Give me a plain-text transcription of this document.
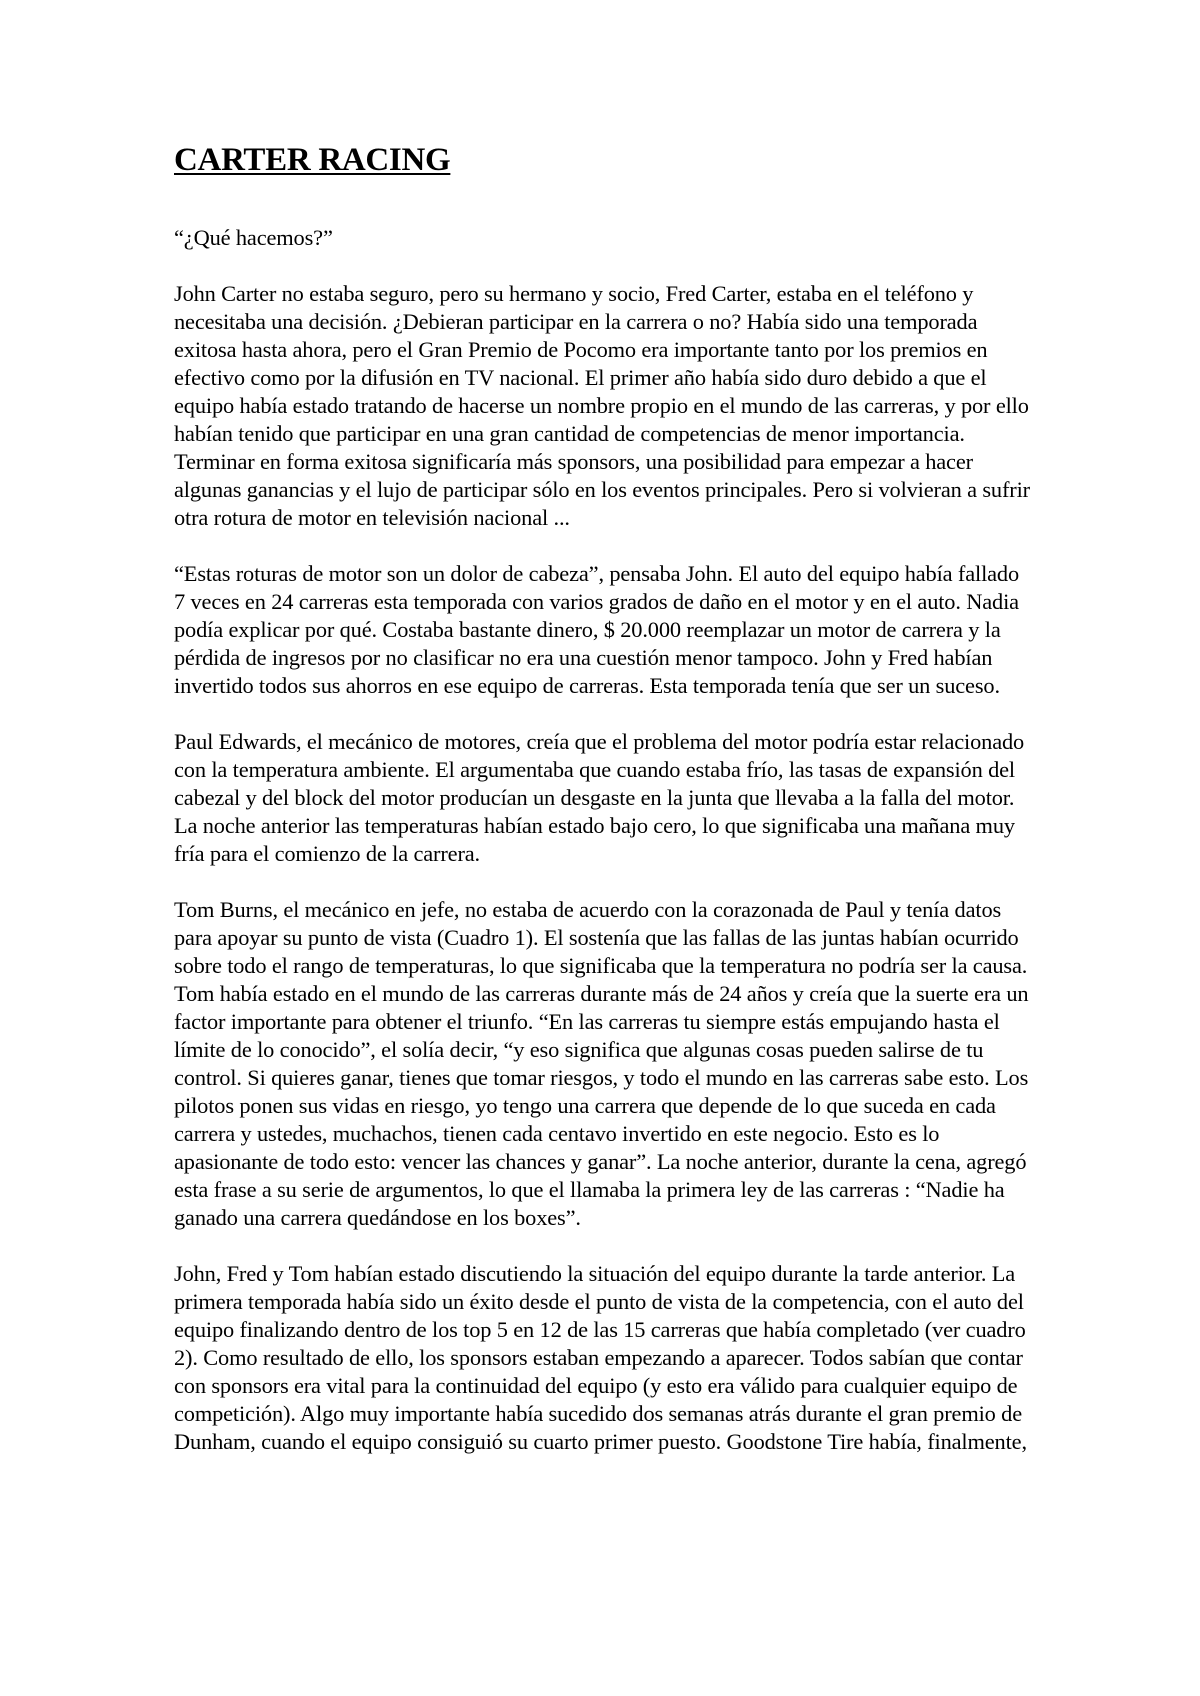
CARTER RACING

“¿Qué hacemos?”

John Carter no estaba seguro, pero su hermano y socio, Fred Carter, estaba en el teléfono y necesitaba una decisión. ¿Debieran participar en la carrera o no? Había sido una temporada exitosa hasta ahora, pero el Gran Premio de Pocomo era importante tanto por los premios en efectivo como por la difusión en TV nacional. El primer año había sido duro debido a que el equipo había estado tratando de hacerse un nombre propio en el mundo de las carreras, y por ello habían tenido que participar en una gran cantidad de competencias de menor importancia. Terminar en forma exitosa significaría más sponsors, una posibilidad para empezar a hacer algunas ganancias y el lujo de participar sólo en los eventos principales. Pero si volvieran a sufrir otra rotura de motor en televisión nacional ...

“Estas roturas de motor son un dolor de cabeza”, pensaba John. El auto del equipo había fallado 7 veces en 24 carreras esta temporada con varios grados de daño en el motor y en el auto. Nadia podía explicar por qué. Costaba bastante dinero, $ 20.000 reemplazar un motor de carrera y la pérdida de ingresos por no clasificar no era una cuestión menor tampoco. John y Fred habían invertido todos sus ahorros en ese equipo de carreras. Esta temporada tenía que ser un suceso.

Paul Edwards, el mecánico de motores, creía que el problema del motor podría estar relacionado con la temperatura ambiente. El argumentaba que cuando estaba frío, las tasas de expansión del cabezal y del block del motor producían un desgaste en la junta que llevaba a la falla del motor. La noche anterior las temperaturas habían estado bajo cero, lo que significaba una mañana muy fría para el comienzo de la carrera.

Tom Burns, el mecánico en jefe, no estaba de acuerdo con la corazonada de Paul y tenía datos para apoyar su punto de vista (Cuadro 1). El sostenía que las fallas de las juntas habían ocurrido sobre todo el rango de temperaturas, lo que significaba que la temperatura no podría ser la causa. Tom había estado en el mundo de las carreras durante más de 24 años y creía que la suerte era un factor importante para obtener el triunfo. “En las carreras tu siempre estás empujando hasta el límite de lo conocido”, el solía decir, “y eso significa que algunas cosas pueden salirse de tu control. Si quieres ganar, tienes que tomar riesgos, y todo el mundo en las carreras sabe esto. Los pilotos ponen sus vidas en riesgo, yo tengo una carrera que depende de lo que suceda en cada carrera y ustedes, muchachos, tienen cada centavo invertido en este negocio. Esto es lo apasionante de todo esto: vencer las chances y ganar”. La noche anterior, durante la cena, agregó esta frase a su serie de argumentos, lo que el llamaba la primera ley de las carreras : “Nadie ha ganado una carrera quedándose en los boxes”.

John, Fred y Tom habían estado discutiendo la situación del equipo durante la tarde anterior. La primera temporada había sido un éxito desde el punto de vista de la competencia, con el auto del equipo finalizando dentro de los top 5 en 12 de las 15 carreras que había completado (ver cuadro 2). Como resultado de ello, los sponsors estaban empezando a aparecer. Todos sabían que contar con sponsors era vital para la continuidad del equipo (y esto era válido para cualquier equipo de competición). Algo muy importante había sucedido dos semanas atrás durante el gran premio de Dunham, cuando el equipo consiguió su cuarto primer puesto. Goodstone Tire había, finalmente,
